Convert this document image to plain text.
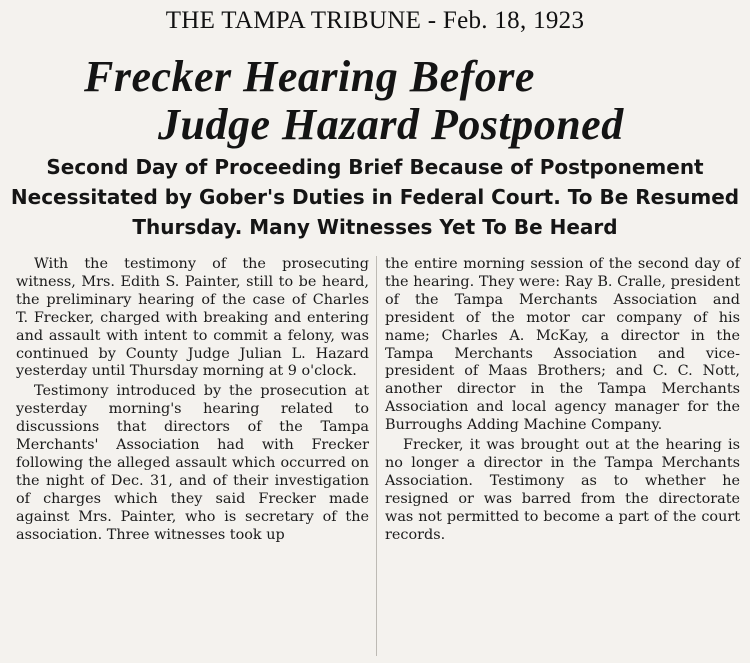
THE TAMPA TRIBUNE - Feb. 18, 1923
Frecker Hearing Before
Judge Hazard Postponed
Second Day of Proceeding Brief Because of Postponement Necessitated by Gober's Duties in Federal Court. To Be Resumed Thursday. Many Witnesses Yet To Be Heard

With the testimony of the prosecuting witness, Mrs. Edith S. Painter, still to be heard, the preliminary hearing of the case of Charles T. Frecker, charged with breaking and entering and assault with intent to commit a felony, was continued by County Judge Julian L. Hazard yesterday until Thursday morning at 9 o'clock.

Testimony introduced by the prosecution at yesterday morning's hearing related to discussions that directors of the Tampa Merchants' Association had with Frecker following the alleged assault which occurred on the night of Dec. 31, and of their investigation of charges which they said Frecker made against Mrs. Painter, who is secretary of the association. Three witnesses took up

the entire morning session of the second day of the hearing. They were: Ray B. Cralle, president of the Tampa Merchants Association and president of the motor car company of his name; Charles A. McKay, a director in the Tampa Merchants Association and vice-president of Maas Brothers; and C. C. Nott, another director in the Tampa Merchants Association and local agency manager for the Burroughs Adding Machine Company.

Frecker, it was brought out at the hearing is no longer a director in the Tampa Merchants Association. Testimony as to whether he resigned or was barred from the directorate was not permitted to become a part of the court records.
